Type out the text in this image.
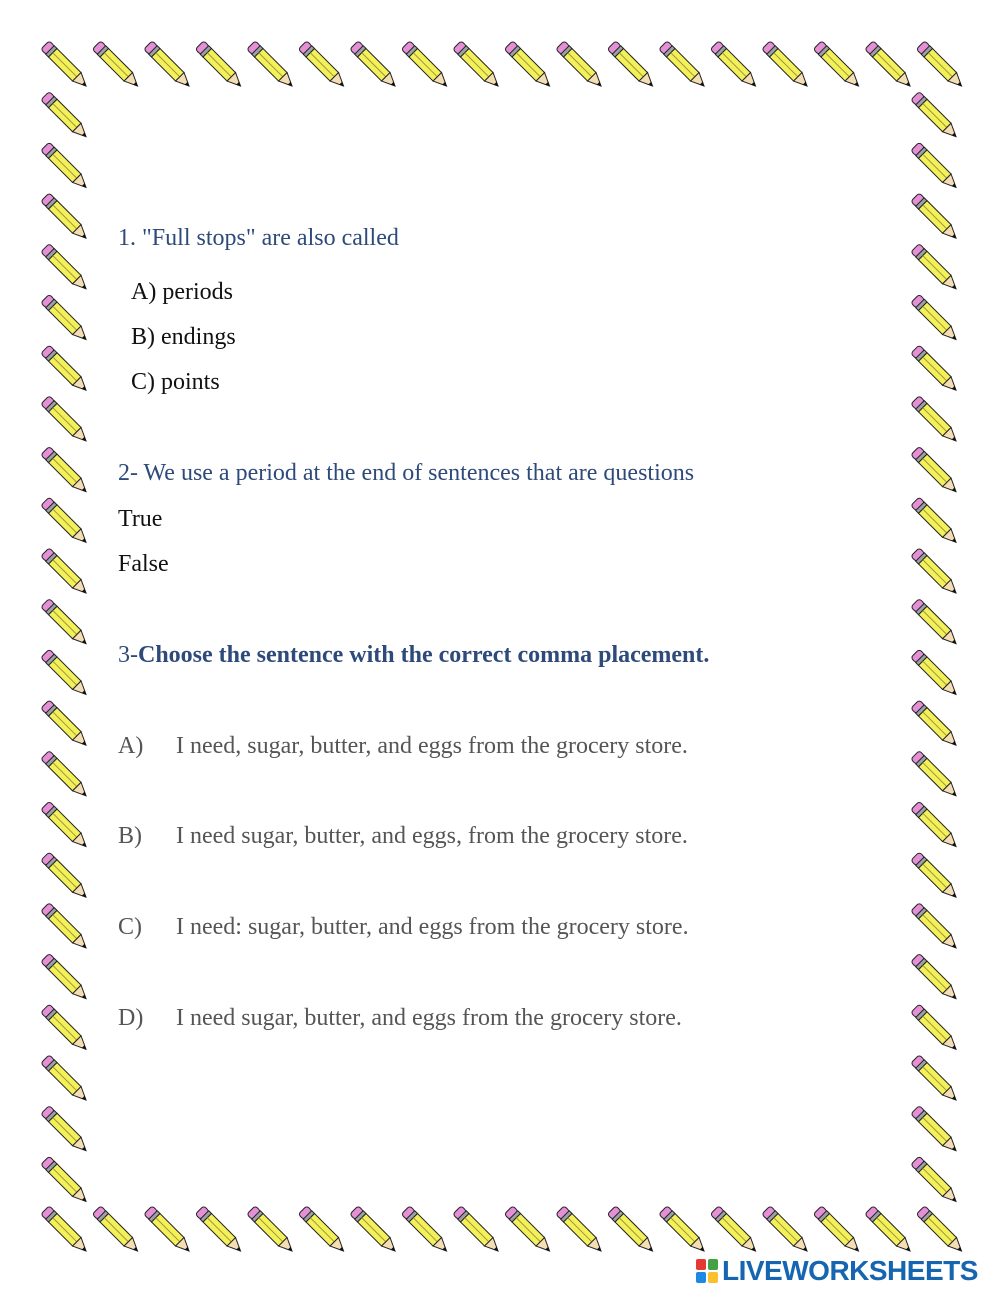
1. "Full stops" are also called
A) periods
B) endings
C) points
2- We use a period at the end of sentences that are questions
True
False
3-Choose the sentence with the correct comma placement.
A) I need, sugar, butter, and eggs from the grocery store.
B) I need sugar, butter, and eggs, from the grocery store.
C) I need: sugar, butter, and eggs from the grocery store.
D) I need sugar, butter, and eggs from the grocery store.
LIVEWORKSHEETS
